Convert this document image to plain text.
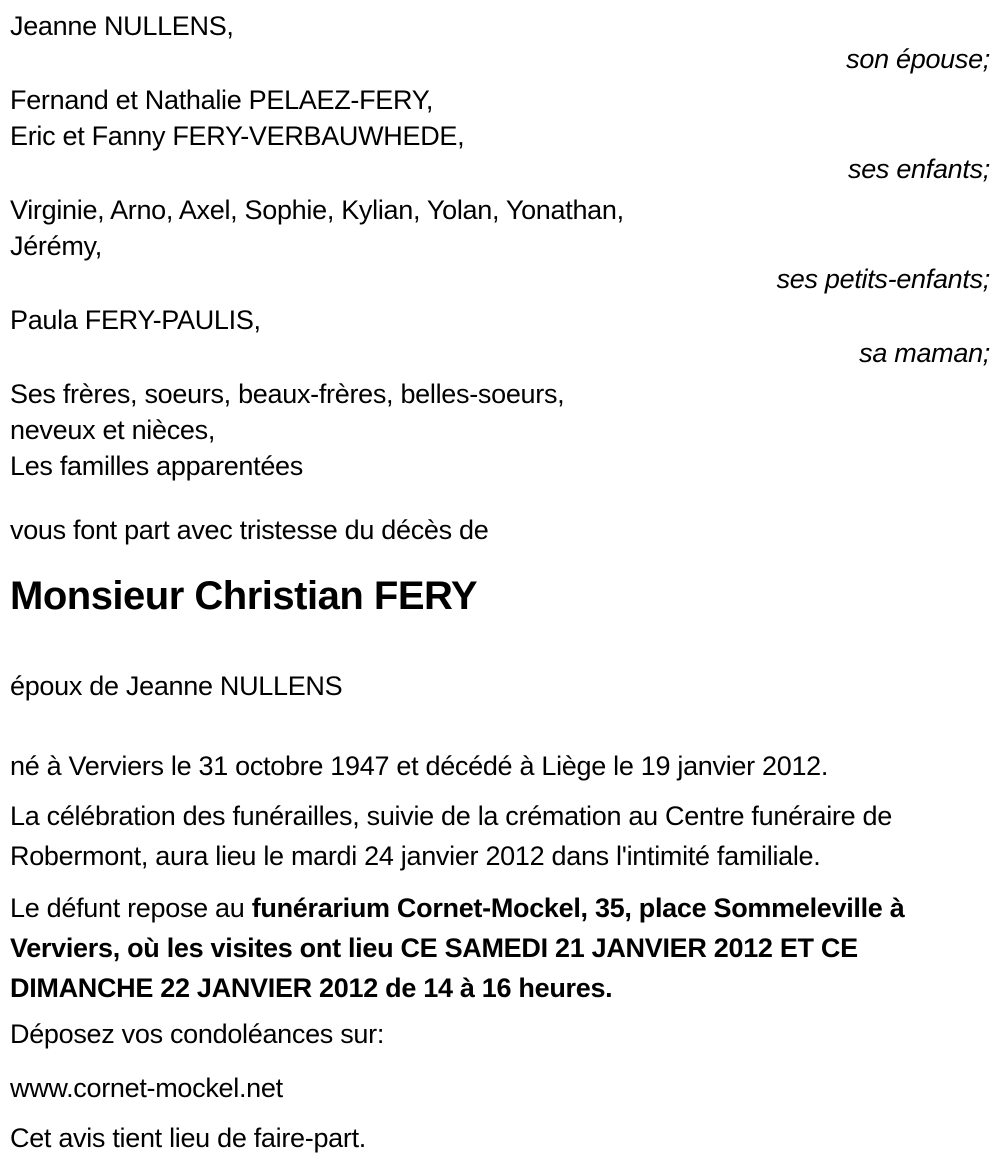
Jeanne NULLENS,
son épouse;
Fernand et Nathalie PELAEZ-FERY,
Eric et Fanny FERY-VERBAUWHEDE,
ses enfants;
Virginie, Arno, Axel, Sophie, Kylian, Yolan, Yonathan,
Jérémy,
ses petits-enfants;
Paula FERY-PAULIS,
sa maman;
Ses frères, soeurs, beaux-frères, belles-soeurs,
neveux et nièces,
Les familles apparentées
vous font part avec tristesse du décès de
Monsieur Christian FERY
époux de Jeanne NULLENS
né à Verviers le 31 octobre 1947 et décédé à Liège le 19 janvier 2012.
La célébration des funérailles, suivie de la crémation au Centre funéraire de Robermont, aura lieu le mardi 24 janvier 2012 dans l'intimité familiale.
Le défunt repose au funérarium Cornet-Mockel, 35, place Sommeleville à Verviers, où les visites ont lieu CE SAMEDI 21 JANVIER 2012 ET CE DIMANCHE 22 JANVIER 2012 de 14 à 16 heures.
Déposez vos condoléances sur:
www.cornet-mockel.net
Cet avis tient lieu de faire-part.
